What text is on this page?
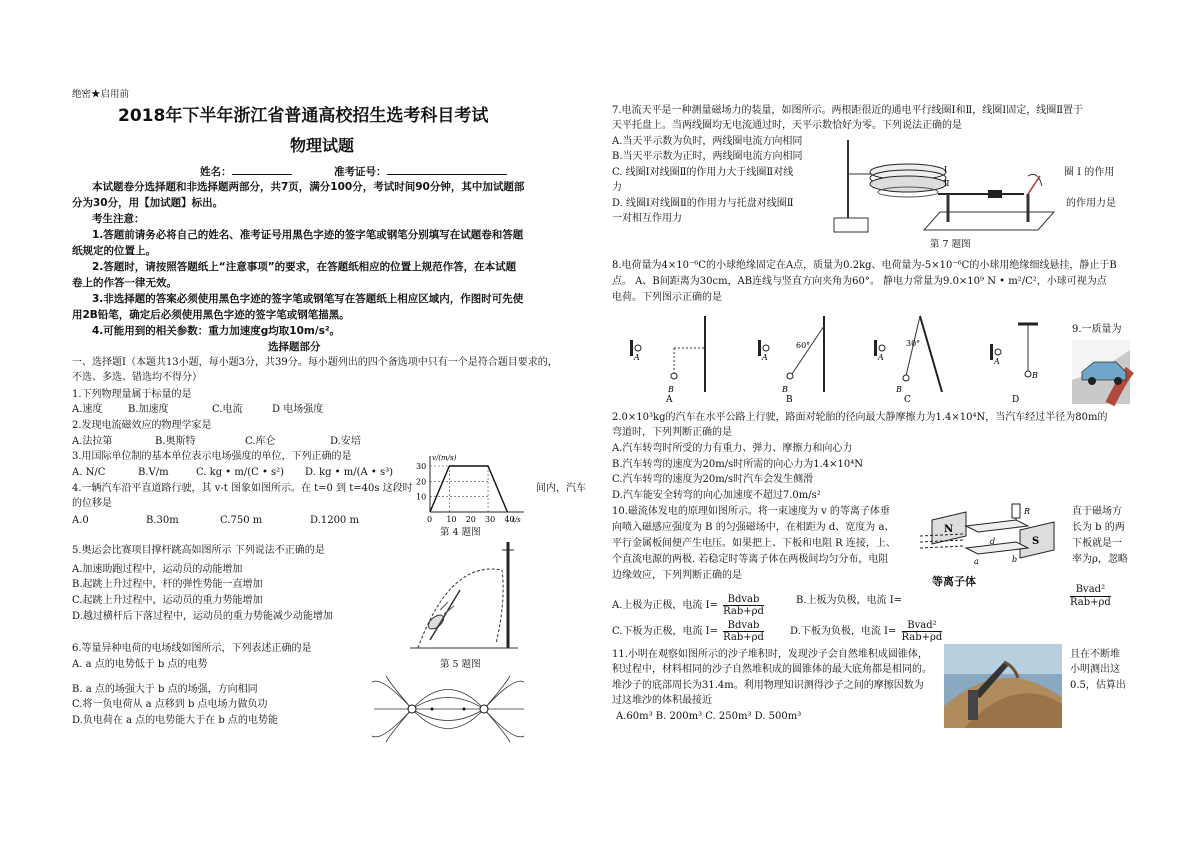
绝密★启用前
2018年下半年浙江省普通高校招生选考科目考试
物理试题
姓名：	准考证号：
本试题卷分选择题和非选择题两部分，共7页，满分100分，考试时间90分钟，其中加试题部
分为30分，用【加试题】标出。
考生注意：
1.答题前请务必将自己的姓名、准考证号用黑色字迹的签字笔或钢笔分别填写在试题卷和答题
纸规定的位置上。
2.答题时，请按照答题纸上“注意事项”的要求，在答题纸相应的位置上规范作答，在本试题
卷上的作答一律无效。
3.非选择题的答案必须使用黑色字迹的签字笔或钢笔写在答题纸上相应区域内，作图时可先使
用2B铅笔，确定后必须使用黑色字迹的签字笔或钢笔描黑。
4.可能用到的相关参数：重力加速度g均取10m/s²。
选择题部分
一、选择题Ⅰ（本题共13小题，每小题3分，共39分。每小题列出的四个备选项中只有一个是符合题目要求的，
不选、多选、错选均不得分）
1.下列物理量属于标量的是
A.速度	B.加速度	C.电流	D 电场强度
2.发现电流磁效应的物理学家是
A.法拉第	B.奥斯特	C.库仑	D.安培
3.用国际单位制的基本单位表示电场强度的单位，下列正确的是
A. N/C	B.V/m	C. kg • m/(C • s²) D. kg • m/(A • s³)
4.一辆汽车沿平直道路行驶，其 v-t 图象如图所示。在 t=0 到 t=40s 这段时	间内，汽车
的位移是
A.0	B.30m	C.750 m	D.1200 m
v/(m/s)
t/s
0 10 20 30 40
10
20
30
第 4 题图
5.奥运会比赛项目撑杆跳高如图所示 下列说法不正确的是
A.加速助跑过程中，运动员的动能增加
B.起跳上升过程中，杆的弹性势能一直增加
C.起跳上升过程中，运动员的重力势能增加
D.越过横杆后下落过程中，运动员的重力势能减少动能增加
第 5 题图
6.等量异种电荷的电场线如图所示，下列表述正确的是
A. a 点的电势低于 b 点的电势
B. a 点的场强大于 b 点的场强，方向相同
C.将一负电荷从 a 点移到 b 点电场力做负功
D.负电荷在 a 点的电势能大于在 b 点的电势能
7.电流天平是一种测量磁场力的装量，如图所示。两根距很近的通电平行线圈Ⅰ和Ⅱ，线圈Ⅰ固定，线圈Ⅱ置于
天平托盘上。当两线圈均无电流通过时，天平示数恰好为零。下列说法正确的是
A.当天平示数为负时，两线圈电流方向相同
B.当天平示数为正时，两线圈电流方向相同
C. 线圈Ⅰ对线圈Ⅱ的作用力大于线圈Ⅱ对线	圈 Ⅰ 的作用
力
D. 线圈Ⅰ对线圈Ⅱ的作用力与托盘对线圈Ⅱ	的作用力是
一对相互作用力
Ⅰ
Ⅱ
第 7 题图
8.电荷量为4×10⁻⁶C的小球绝缘固定在A点，质量为0.2kg、电荷量为-5×10⁻⁶C的小球用绝缘细线悬挂，静止于B
点。 A、B间距离为30cm，AB连线与竖直方向夹角为60°。 静电力常量为9.0×10⁹ N • m²/C²，小球可视为点
电荷。下列图示正确的是
A
B
A
A
60°
B
B
A
30°
B
C
A
B
D
9.一质量为
2.0×10³kg的汽车在水平公路上行驶，路面对轮胎的径向最大静摩擦力为1.4×10⁴N，当汽车经过半径为80m的
弯道时，下列判断正确的是
A.汽车转弯时所受的力有重力、弹力、摩擦力和向心力
B.汽车转弯的速度为20m/s时所需的向心力为1.4×10⁴N
C.汽车转弯的速度为20m/s时汽车会发生侧滑
D.汽车能安全转弯的向心加速度不超过7.0m/s²
10.磁流体发电的原理如图所示。将一束速度为 v 的等离子体垂	直于磁场方
向喷入磁感应强度为 B 的匀强磁场中，在相距为 d、宽度为 a、	长为 b 的两
平行金属板间便产生电压。如果把上、下板和电阻 R 连接，上、	下板就是一
个直流电源的两极. 若稳定时等离子体在两极间均匀分布，电阻	率为ρ，忽略
边缘效应，下列判断正确的是
N
S
d
a	b
R
等离子体
A.上极为正极，电流 I=
Bdvab
Rab+ρd
B.上板为负极，电流 I=
Bvad²
Rab+ρd
C.下板为正极，电流 I=
Bdvab
Rab+ρd
D.下板为负极，电流 I=
Bvad²
Rab+ρd
11.小明在观察如图所示的沙子堆积时，发现沙子会自然堆积成圆锥体，	且在不断堆
积过程中，材料相同的沙子自然堆积成的圆锥体的最大底角都是相同的。	小明测出这
堆沙子的底部周长为31.4m。利用物理知识测得沙子之间的摩擦因数为	0.5，估算出
过这堆沙的体积最接近
A.60m³ B. 200m³ C. 250m³ D. 500m³
